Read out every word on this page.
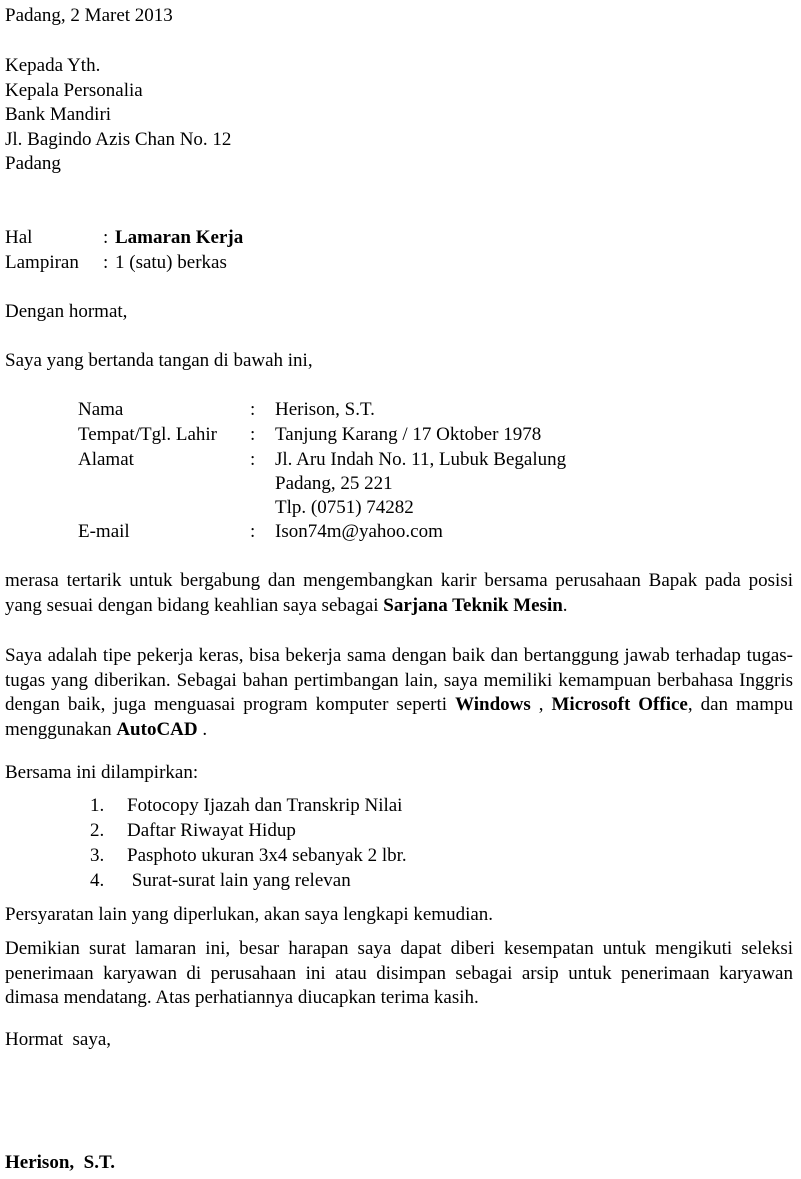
Padang, 2 Maret 2013
Kepada Yth.
Kepala Personalia
Bank Mandiri
Jl. Bagindo Azis Chan No. 12
Padang
Hal	: Lamaran Kerja
Lampiran : 1 (satu) berkas
Dengan hormat,
Saya yang bertanda tangan di bawah ini,
Nama	: Herison, S.T.
Tempat/Tgl. Lahir : Tanjung Karang / 17 Oktober 1978
Alamat	: Jl. Aru Indah No. 11, Lubuk Begalung
Padang, 25 221
Tlp. (0751) 74282
E-mail	: Ison74m@yahoo.com
merasa tertarik untuk bergabung dan mengembangkan karir bersama perusahaan Bapak pada posisi yang sesuai dengan bidang keahlian saya sebagai Sarjana Teknik Mesin.
Saya adalah tipe pekerja keras, bisa bekerja sama dengan baik dan bertanggung jawab terhadap tugas-tugas yang diberikan. Sebagai bahan pertimbangan lain, saya memiliki kemampuan berbahasa Inggris dengan baik, juga menguasai program komputer seperti Windows , Microsoft Office, dan mampu menggunakan AutoCAD .
Bersama ini dilampirkan:
1. Fotocopy Ijazah dan Transkrip Nilai
2. Daftar Riwayat Hidup
3. Pasphoto ukuran 3x4 sebanyak 2 lbr.
4. Surat-surat lain yang relevan
Persyaratan lain yang diperlukan, akan saya lengkapi kemudian.
Demikian surat lamaran ini, besar harapan saya dapat diberi kesempatan untuk mengikuti seleksi penerimaan karyawan di perusahaan ini atau disimpan sebagai arsip untuk penerimaan karyawan dimasa mendatang. Atas perhatiannya diucapkan terima kasih.
Hormat  saya,
Herison,  S.T.
